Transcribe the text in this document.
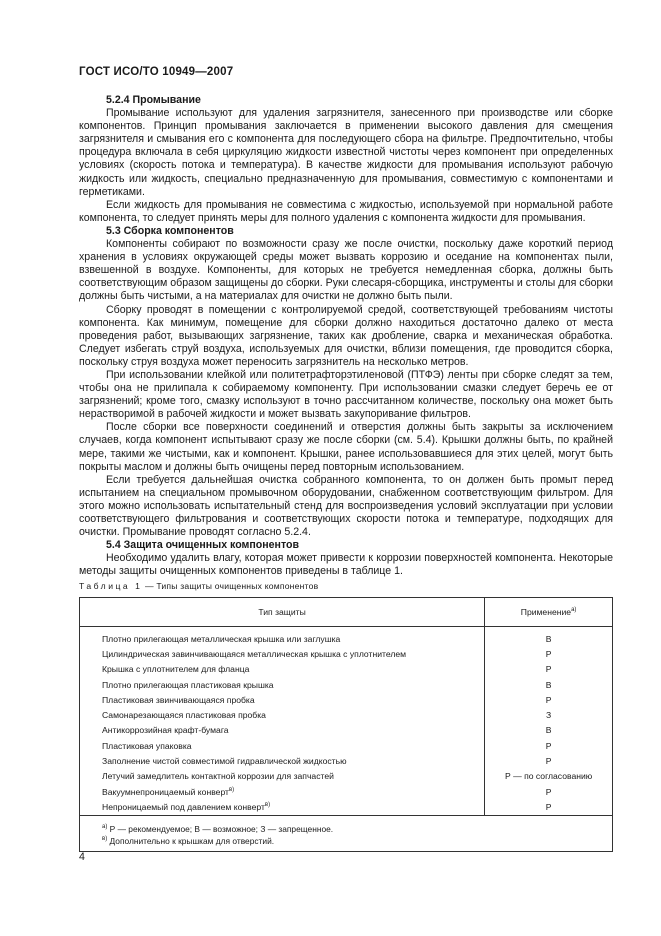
ГОСТ ИСО/ТО 10949—2007
5.2.4 Промывание

Промывание используют для удаления загрязнителя, занесенного при производстве или сборке компонентов. Принцип промывания заключается в применении высокого давления для смещения загрязнителя и смывания его с компонента для последующего сбора на фильтре. Предпочтительно, чтобы процедура включала в себя циркуляцию жидкости известной чистоты через компонент при определенных условиях (скорость потока и температура). В качестве жидкости для промывания используют рабочую жидкость или жидкость, специально предназначенную для промывания, совместимую с компонентами и герметиками.

Если жидкость для промывания не совместима с жидкостью, используемой при нормальной работе компонента, то следует принять меры для полного удаления с компонента жидкости для промывания.

5.3 Сборка компонентов

Компоненты собирают по возможности сразу же после очистки, поскольку даже короткий период хранения в условиях окружающей среды может вызвать коррозию и оседание на компонентах пыли, взвешенной в воздухе. Компоненты, для которых не требуется немедленная сборка, должны быть соответствующим образом защищены до сборки. Руки слесаря-сборщика, инструменты и столы для сборки должны быть чистыми, а на материалах для очистки не должно быть пыли.

Сборку проводят в помещении с контролируемой средой, соответствующей требованиям чистоты компонента. Как минимум, помещение для сборки должно находиться достаточно далеко от места проведения работ, вызывающих загрязнение, таких как дробление, сварка и механическая обработка. Следует избегать струй воздуха, используемых для очистки, вблизи помещения, где проводится сборка, поскольку струя воздуха может переносить загрязнитель на несколько метров.

При использовании клейкой или политетрафторэтиленовой (ПТФЭ) ленты при сборке следят за тем, чтобы она не прилипала к собираемому компоненту. При использовании смазки следует беречь ее от загрязнений; кроме того, смазку используют в точно рассчитанном количестве, поскольку она может быть нерастворимой в рабочей жидкости и может вызвать закупоривание фильтров.

После сборки все поверхности соединений и отверстия должны быть закрыты за исключением случаев, когда компонент испытывают сразу же после сборки (см. 5.4). Крышки должны быть, по крайней мере, такими же чистыми, как и компонент. Крышки, ранее использовавшиеся для этих целей, могут быть покрыты маслом и должны быть очищены перед повторным использованием.

Если требуется дальнейшая очистка собранного компонента, то он должен быть промыт перед испытанием на специальном промывочном оборудовании, снабженном соответствующим фильтром. Для этого можно использовать испытательный стенд для воспроизведения условий эксплуатации при условии соответствующего фильтрования и соответствующих скорости потока и температуре, подходящих для очистки. Промывание проводят согласно 5.2.4.

5.4 Защита очищенных компонентов

Необходимо удалить влагу, которая может привести к коррозии поверхностей компонента. Некоторые методы защиты очищенных компонентов приведены в таблице 1.

Таблица 1 — Типы защиты очищенных компонентов
Тип защиты	Применение$^{а)}$
Плотно прилегающая металлическая крышка или заглушка	В
Цилиндрическая завинчивающаяся металлическая крышка с уплотнителем	Р
Крышка с уплотнителем для фланца	Р
Плотно прилегающая пластиковая крышка	В
Пластиковая звинчивающаяся пробка	Р
Самонарезающаяся пластиковая пробка	З
Антикоррозийная крафт-бумага	В
Пластиковая упаковка	Р
Заполнение чистой совместимой гидравлической жидкостью	Р
Летучий замедлитель контактной коррозии для запчастей	Р — по согласованию
Вакуумнепроницаемый конверт$^{в)}$	Р
Непроницаемый под давлением конверт$^{в)}$	Р

$^{а)}$ Р — рекомендуемое; В — возможное; З — запрещенное.
$^{в)}$ Дополнительно к крышкам для отверстий.	
4
